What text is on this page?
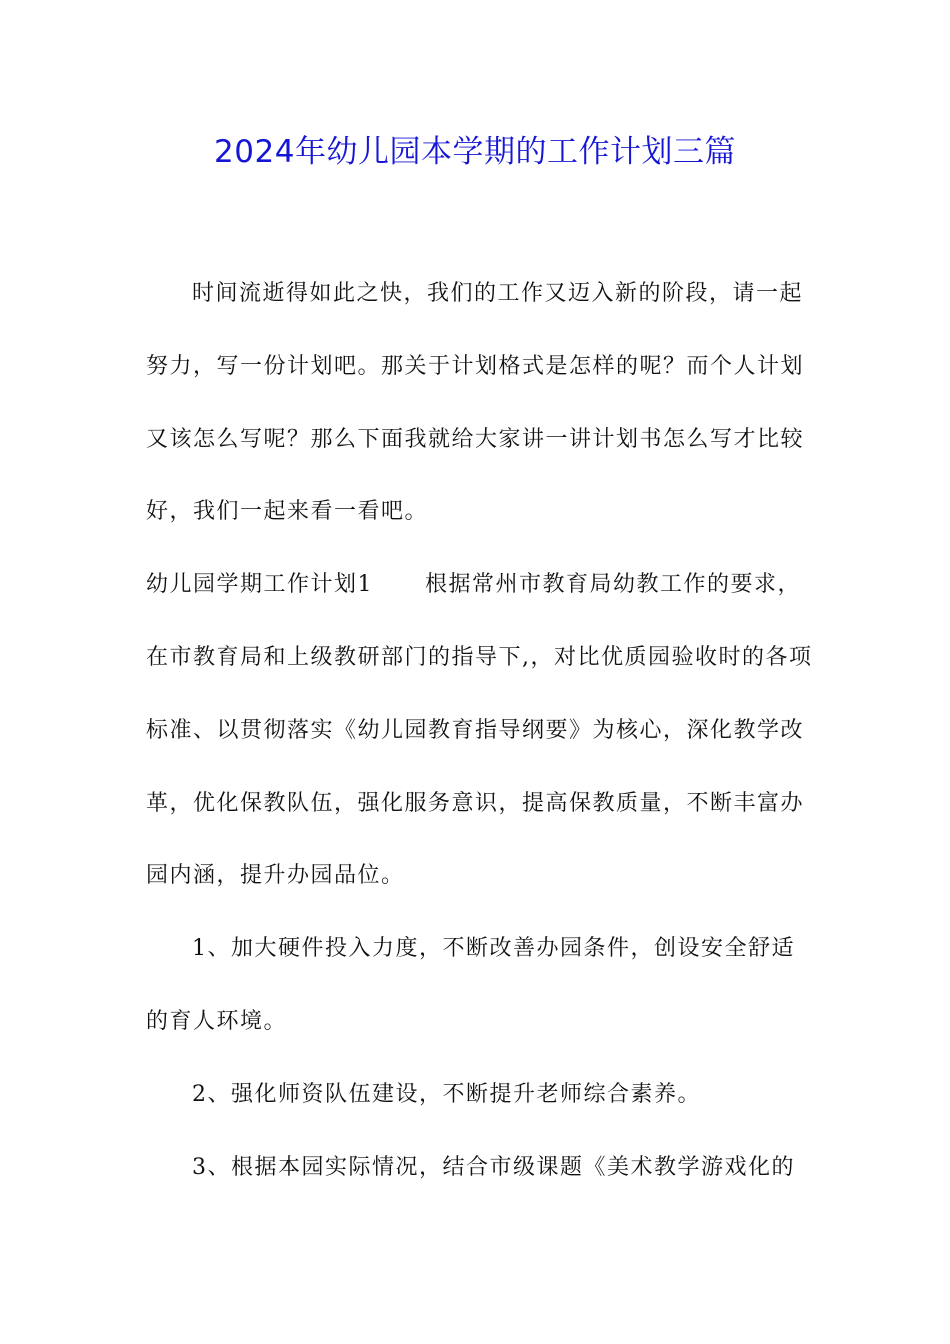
2024年幼儿园本学期的工作计划三篇

时间流逝得如此之快，我们的工作又迈入新的阶段，请一起努力，写一份计划吧。那关于计划格式是怎样的呢？而个人计划又该怎么写呢？那么下面我就给大家讲一讲计划书怎么写才比较好，我们一起来看一看吧。

幼儿园学期工作计划1 根据常州市教育局幼教工作的要求，在市教育局和上级教研部门的指导下,，对比优质园验收时的各项标准、以贯彻落实《幼儿园教育指导纲要》为核心，深化教学改革，优化保教队伍，强化服务意识，提高保教质量，不断丰富办园内涵，提升办园品位。

1、加大硬件投入力度，不断改善办园条件，创设安全舒适的育人环境。

2、强化师资队伍建设，不断提升老师综合素养。

3、根据本园实际情况，结合市级课题《美术教学游戏化的
